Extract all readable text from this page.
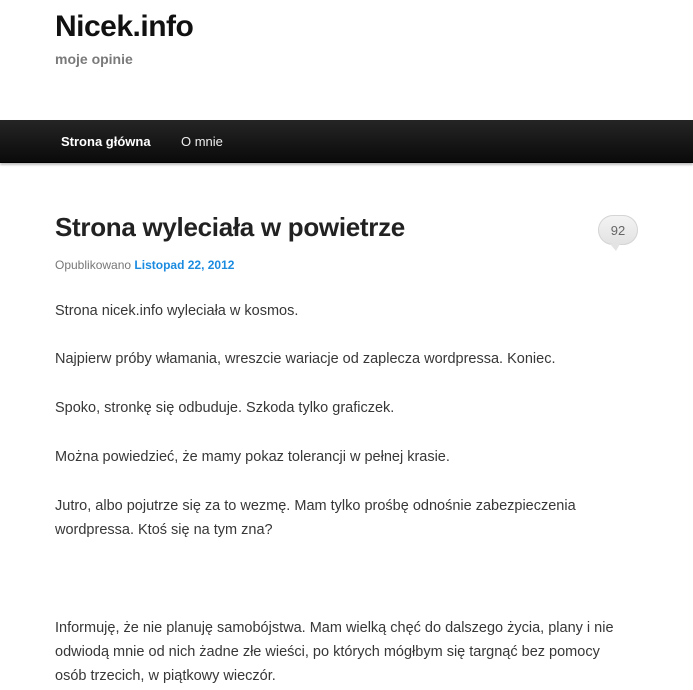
Nicek.info
moje opinie
Strona główna O mnie
Strona wyleciała w powietrze	92
Opublikowano Listopad 22, 2012

Strona nicek.info wyleciała w kosmos.

Najpierw próby włamania, wreszcie wariacje od zaplecza wordpressa. Koniec.

Spoko, stronkę się odbuduje. Szkoda tylko graficzek.

Można powiedzieć, że mamy pokaz tolerancji w pełnej krasie.

Jutro, albo pojutrze się za to wezmę. Mam tylko prośbę odnośnie zabezpieczenia wordpressa. Ktoś się na tym zna?

Informuję, że nie planuję samobójstwa. Mam wielką chęć do dalszego życia, plany i nie odwiodą mnie od nich żadne złe wieści, po których mógłbym się targnąć bez pomocy osób trzecich, w piątkowy wieczór.
